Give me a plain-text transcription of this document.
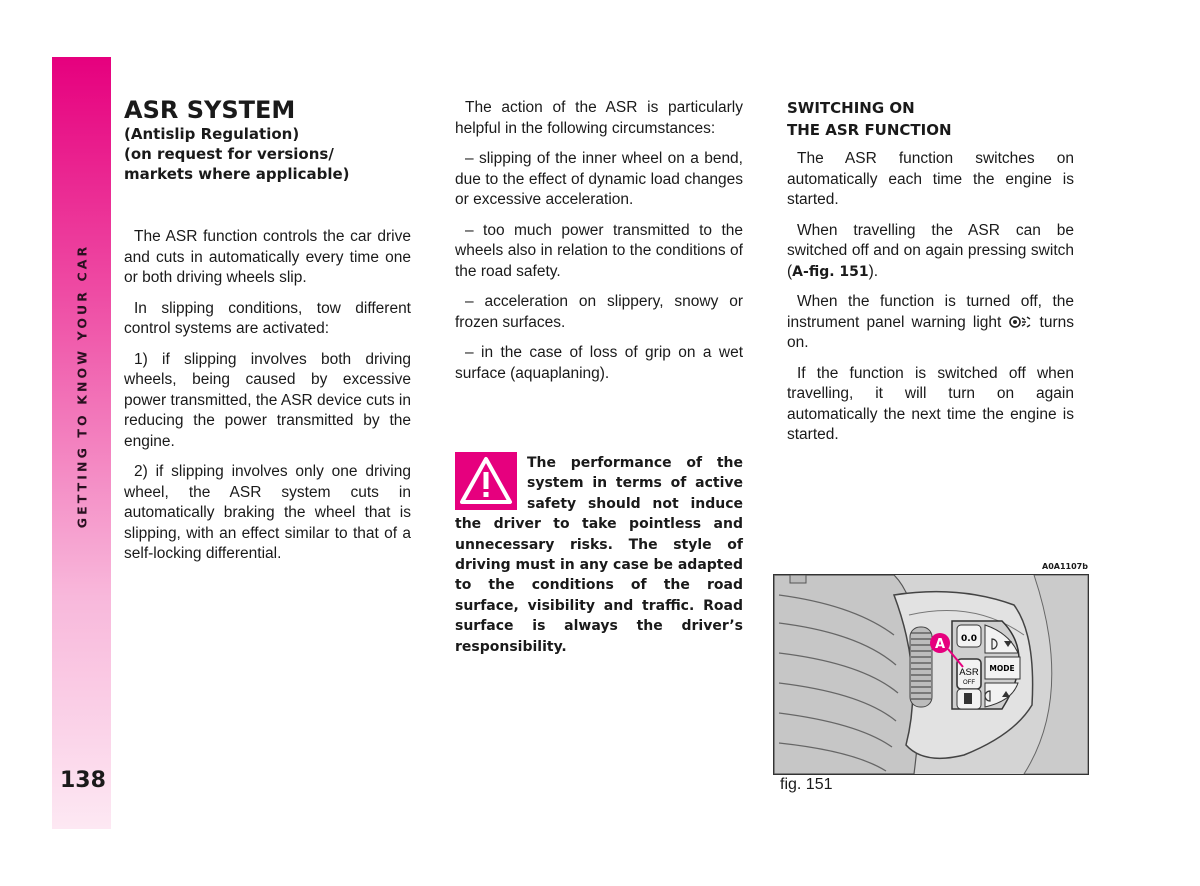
GETTING TO KNOW YOUR CAR
138
ASR SYSTEM
(Antislip Regulation)
(on request for versions/
markets where applicable)

The ASR function controls the car drive and cuts in automatically every time one or both driving wheels slip.

In slipping conditions, tow different control systems are activated:

1) if slipping involves both driving wheels, being caused by excessive power transmitted, the ASR device cuts in reducing the power transmitted by the engine.

2) if slipping involves only one driving wheel, the ASR system cuts in automatically braking the wheel that is slipping, with an effect similar to that of a self-locking differential.

The action of the ASR is particularly helpful in the following circumstances:

– slipping of the inner wheel on a bend, due to the effect of dynamic load changes or excessive acceleration.

– too much power transmitted to the wheels also in relation to the conditions of the road safety.

– acceleration on slippery, snowy or frozen surfaces.

– in the case of loss of grip on a wet surface (aquaplaning).

The performance of the system in terms of active safety should not induce the driver to take pointless and unnecessary risks. The style of driving must in any case be adapted to the conditions of the road surface, visibility and traffic. Road surface is always the driver’s responsibility.

SWITCHING ON
THE ASR FUNCTION

The ASR function switches on automatically each time the engine is started.

When travelling the ASR can be switched off and on again pressing switch (A-fig. 151).

When the function is turned off, the instrument panel warning light  turns on.

If the function is switched off when travelling, it will turn on again automatically the next time the engine is started.

A0A1107b
0.0
ASR
OFF
MODE
A
fig. 151
